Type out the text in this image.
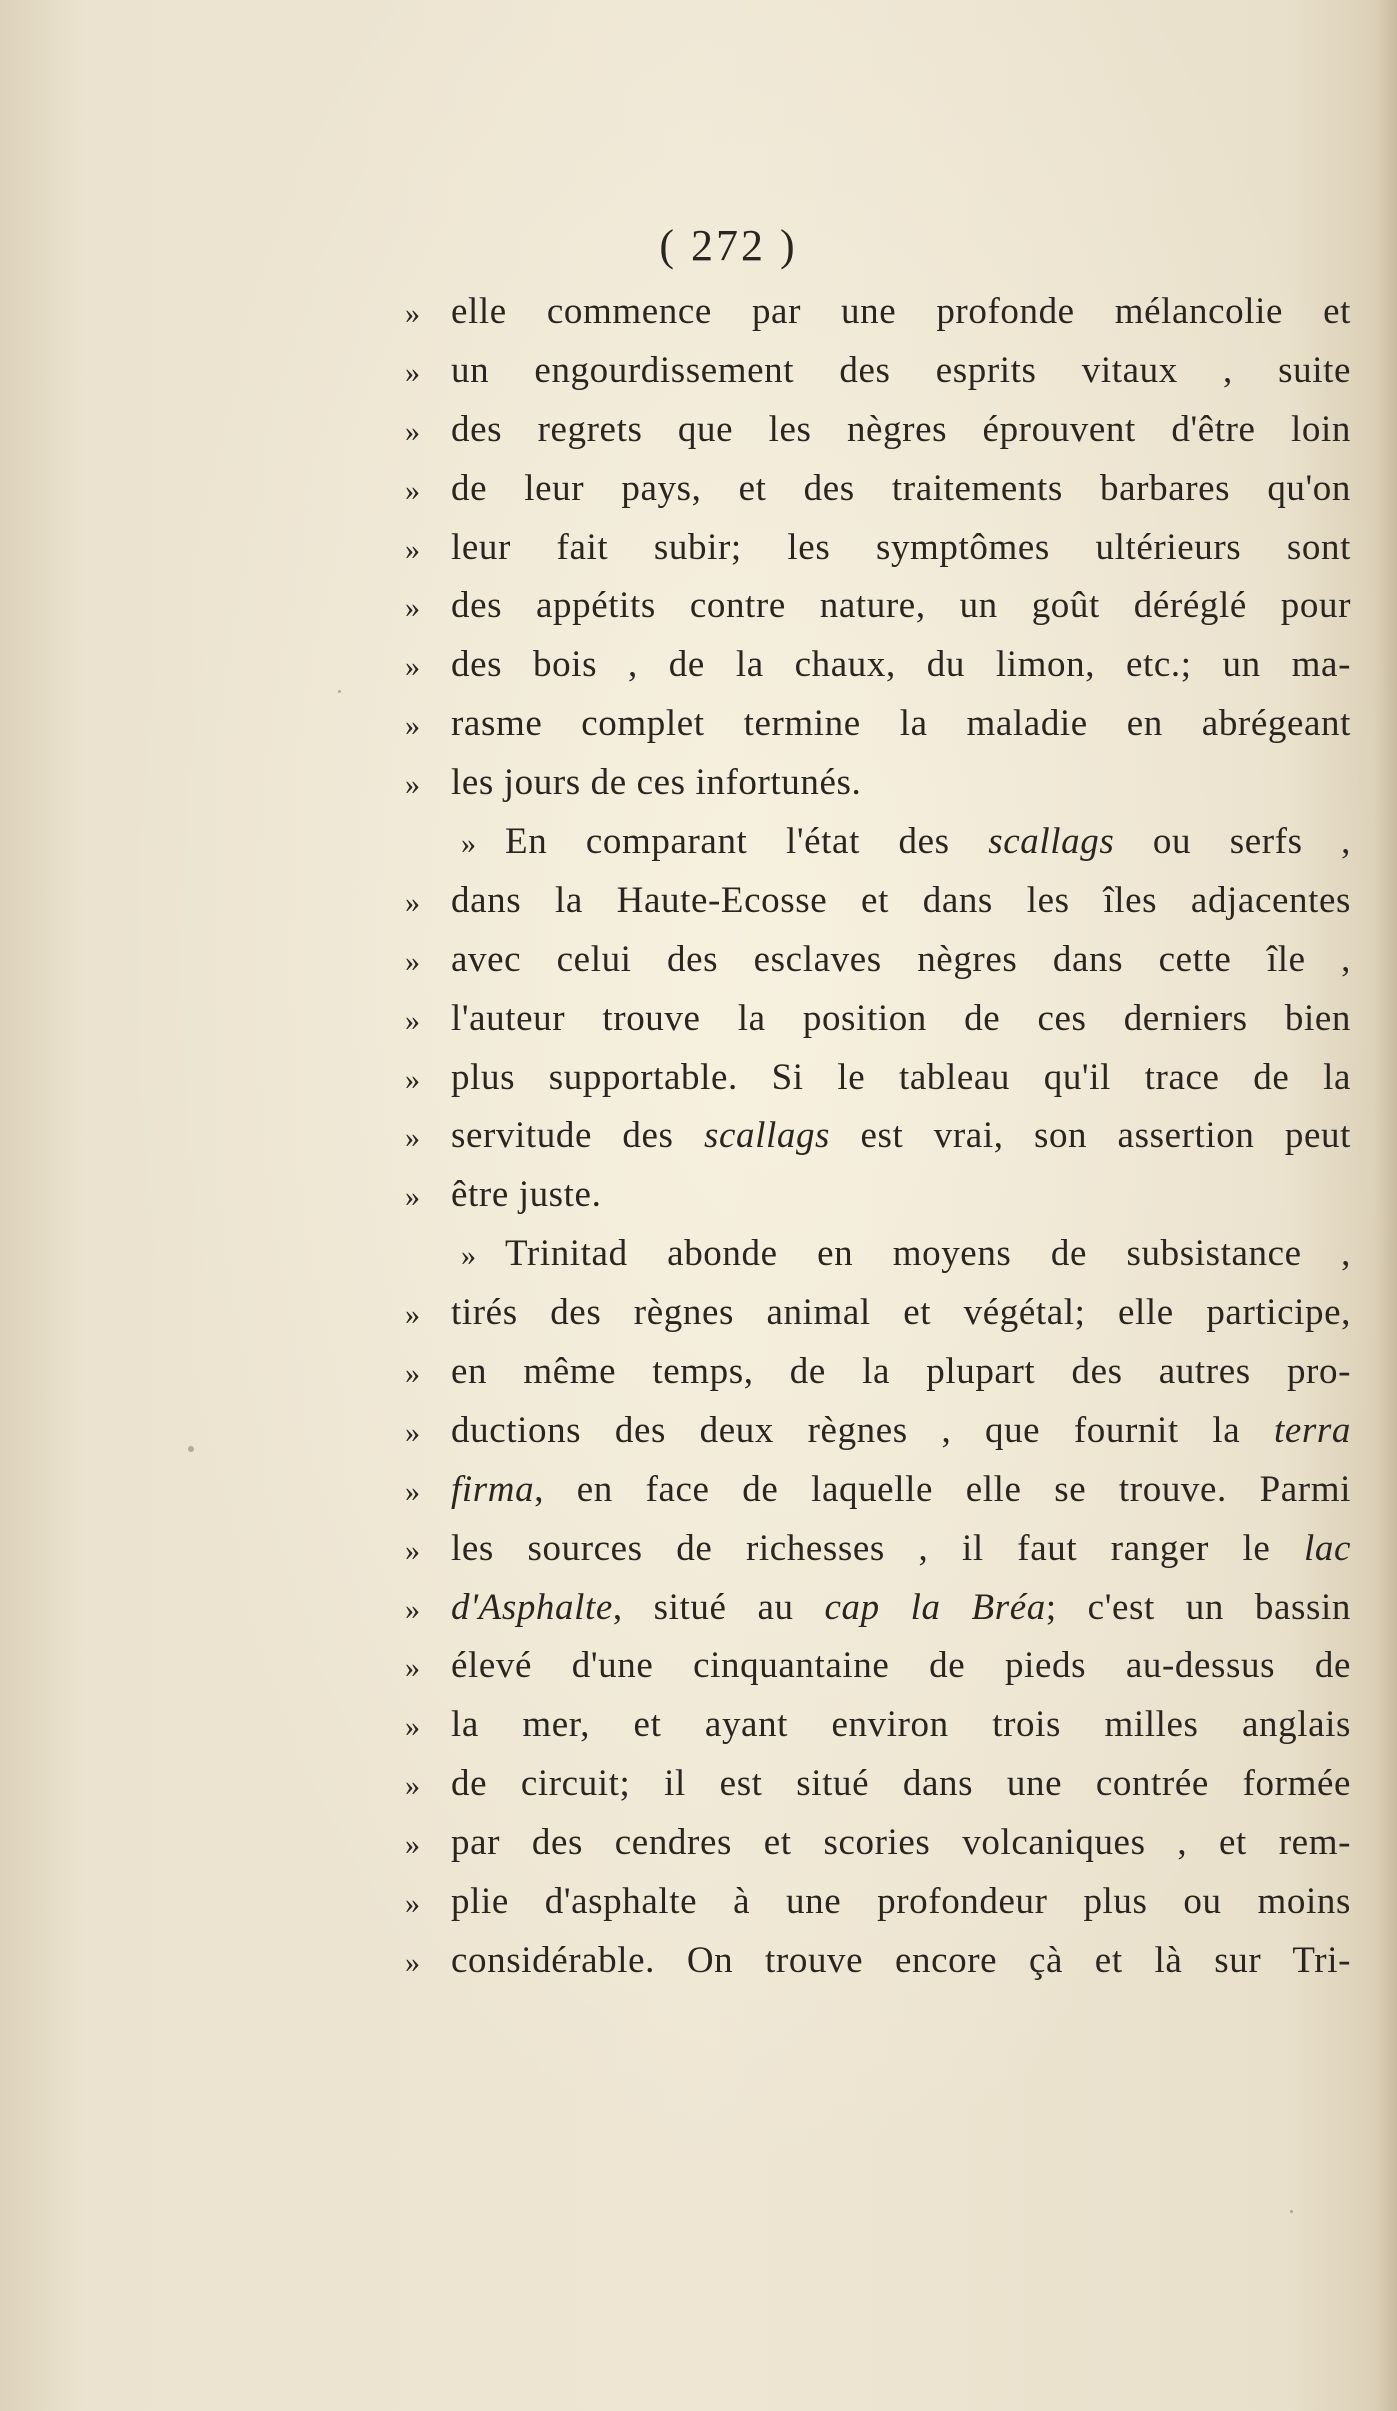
( 272 )
» elle commence par une profonde mélancolie et
» un engourdissement des esprits vitaux , suite
» des regrets que les nègres éprouvent d'être loin
» de leur pays, et des traitements barbares qu'on
» leur fait subir; les symptômes ultérieurs sont
» des appétits contre nature, un goût déréglé pour
» des bois , de la chaux, du limon, etc.; un ma-
» rasme complet termine la maladie en abrégeant
» les jours de ces infortunés.
» En comparant l'état des scallags ou serfs ,
» dans la Haute-Ecosse et dans les îles adjacentes
» avec celui des esclaves nègres dans cette île ,
» l'auteur trouve la position de ces derniers bien
» plus supportable. Si le tableau qu'il trace de la
» servitude des scallags est vrai, son assertion peut
» être juste.
» Trinitad abonde en moyens de subsistance ,
» tirés des règnes animal et végétal; elle participe,
» en même temps, de la plupart des autres pro-
» ductions des deux règnes , que fournit la terra
» firma, en face de laquelle elle se trouve. Parmi
» les sources de richesses , il faut ranger le lac
» d'Asphalte, situé au cap la Bréa; c'est un bassin
» élevé d'une cinquantaine de pieds au-dessus de
» la mer, et ayant environ trois milles anglais
» de circuit; il est situé dans une contrée formée
» par des cendres et scories volcaniques , et rem-
» plie d'asphalte à une profondeur plus ou moins
» considérable. On trouve encore çà et là sur Tri-
